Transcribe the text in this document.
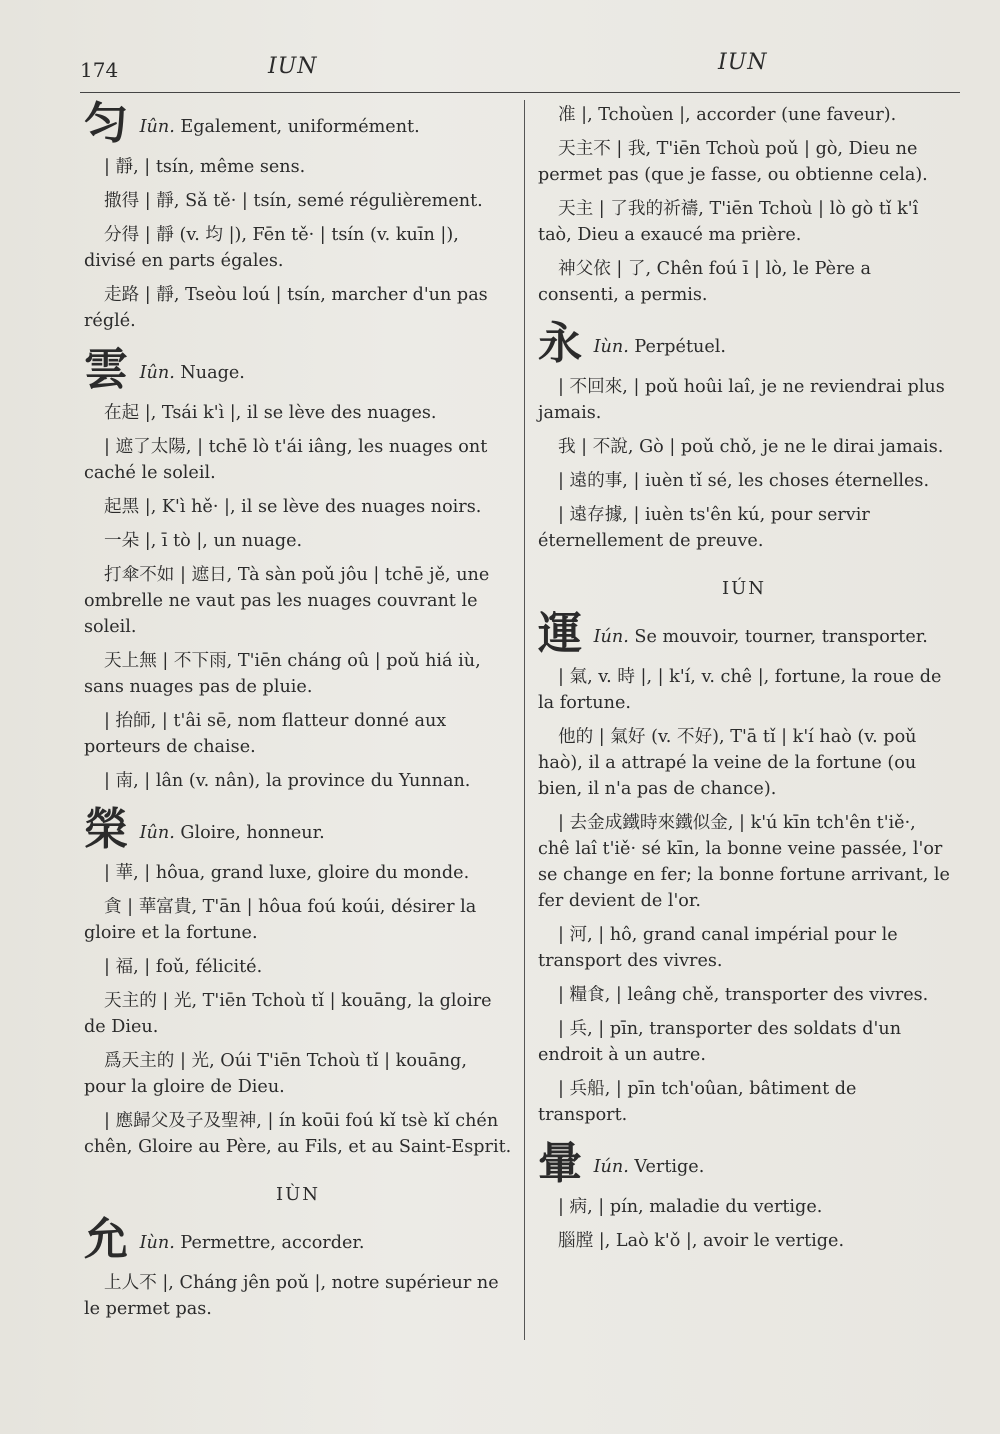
174	IUN	IUN
匀 Iûn. Egalement, uniformément.
| 靜, | tsín, même sens.
撒得 | 靜, Sǎ tě· | tsín, semé régulièrement.
分得 | 靜 (v. 均 |), Fēn tě· | tsín (v. kuīn |), divisé en parts égales.
走路 | 靜, Tseòu loú | tsín, marcher d'un pas réglé.
雲 Iûn. Nuage.
在起 |, Tsái k'ì |, il se lève des nuages.
| 遮了太陽, | tchē lò t'ái iâng, les nuages ont caché le soleil.
起黑 |, K'ì hě· |, il se lève des nuages noirs.
一朵 |, ī tò |, un nuage.
打傘不如 | 遮日, Tà sàn poǔ jôu | tchē jě, une ombrelle ne vaut pas les nuages couvrant le soleil.
天上無 | 不下雨, T'iēn cháng oû | poǔ hiá iù, sans nuages pas de pluie.
| 抬師, | t'âi sē, nom flatteur donné aux porteurs de chaise.
| 南, | lân (v. nân), la province du Yunnan.
榮 Iûn. Gloire, honneur.
| 華, | hôua, grand luxe, gloire du monde.
貪 | 華富貴, T'ān | hôua foú koúi, désirer la gloire et la fortune.
| 福, | foǔ, félicité.
天主的 | 光, T'iēn Tchoù tǐ | kouāng, la gloire de Dieu.
爲天主的 | 光, Oúi T'iēn Tchoù tǐ | kouāng, pour la gloire de Dieu.
| 應歸父及子及聖神, | ín koūi foú kǐ tsè kǐ chén chên, Gloire au Père, au Fils, et au Saint-Esprit.
IÙN
允 Iùn. Permettre, accorder.
上人不 |, Cháng jên poǔ |, notre supérieur ne le permet pas.
准 |, Tchoùen |, accorder (une faveur).
天主不 | 我, T'iēn Tchoù poǔ | gò, Dieu ne permet pas (que je fasse, ou obtienne cela).
天主 | 了我的祈禱, T'iēn Tchoù | lò gò tǐ k'î taò, Dieu a exaucé ma prière.
神父依 | 了, Chên foú ī | lò, le Père a consenti, a permis.
永 Iùn. Perpétuel.
| 不回來, | poǔ hoûi laî, je ne reviendrai plus jamais.
我 | 不說, Gò | poǔ chǒ, je ne le dirai jamais.
| 遠的事, | iuèn tǐ sé, les choses éternelles.
| 遠存據, | iuèn ts'ên kú, pour servir éternellement de preuve.
IÚN
運 Iún. Se mouvoir, tourner, transporter.
| 氣, v. 時 |, | k'í, v. chê |, fortune, la roue de la fortune.
他的 | 氣好 (v. 不好), T'ā tǐ | k'í haò (v. poǔ haò), il a attrapé la veine de la fortune (ou bien, il n'a pas de chance).
| 去金成鐵時來鐵似金, | k'ú kīn tch'ên t'iě·, chê laî t'iě· sé kīn, la bonne veine passée, l'or se change en fer; la bonne fortune arrivant, le fer devient de l'or.
| 河, | hô, grand canal impérial pour le transport des vivres.
| 糧食, | leâng chě, transporter des vivres.
| 兵, | pīn, transporter des soldats d'un endroit à un autre.
| 兵船, | pīn tch'oûan, bâtiment de transport.
暈 Iún. Vertige.
| 病, | pín, maladie du vertige.
腦膛 |, Laò k'ǒ |, avoir le vertige.
